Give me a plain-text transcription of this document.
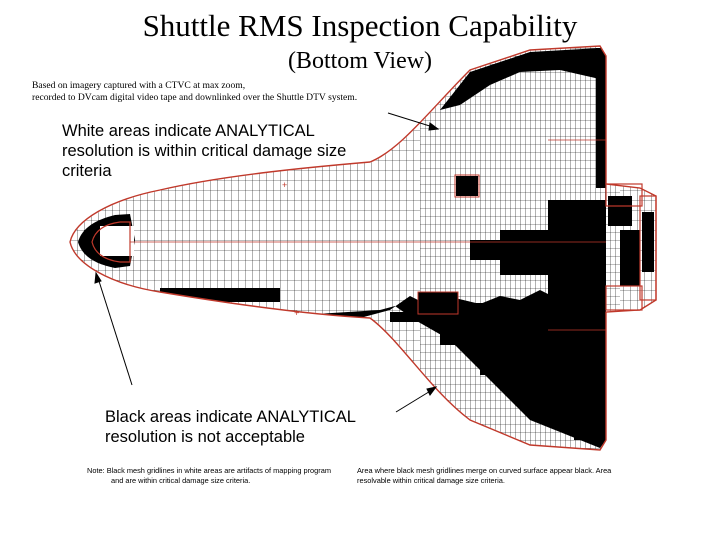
+
+
Shuttle RMS Inspection Capability
(Bottom View)
Based on imagery captured with a CTVC at max zoom,
recorded to DVcam digital video tape and downlinked over the Shuttle DTV system.
White areas indicate ANALYTICAL resolution is within critical damage size criteria
Black areas indicate ANALYTICAL resolution is not acceptable
Note: Black mesh gridlines in white areas are artifacts of mapping program
and are within critical damage size criteria.
Area where black mesh gridlines merge on curved surface appear black. Area
resolvable within critical damage size criteria.
